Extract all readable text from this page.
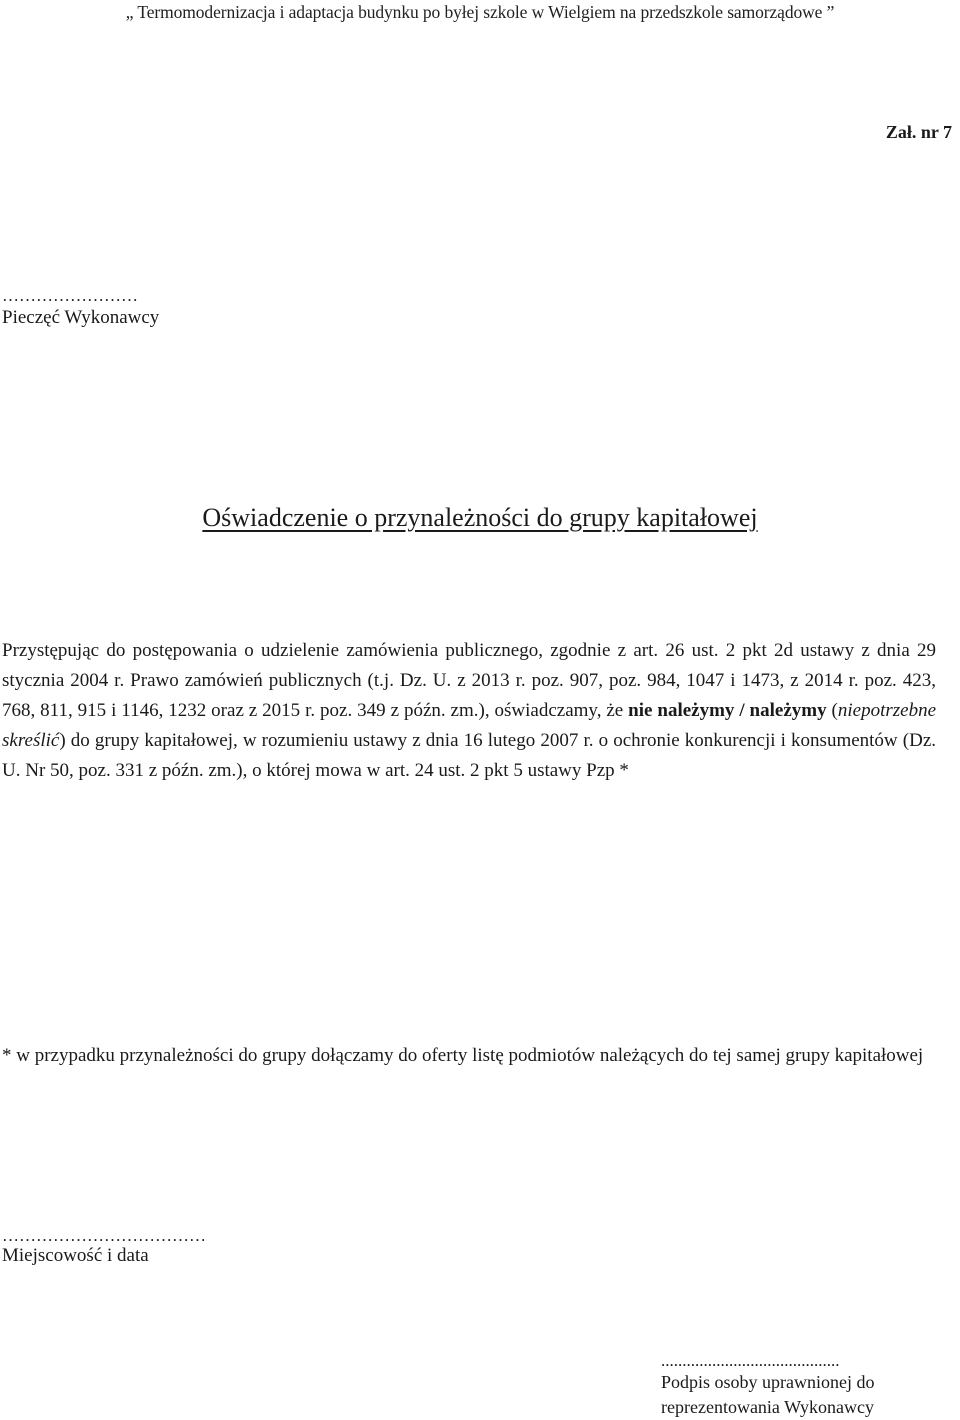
„ Termomodernizacja i adaptacja budynku po byłej szkole w Wielgiem na przedszkole samorządowe ”
Zał. nr 7
……………………
Pieczęć Wykonawcy
Oświadczenie o przynależności do grupy kapitałowej
Przystępując do postępowania o udzielenie zamówienia publicznego, zgodnie z art. 26 ust. 2 pkt 2d ustawy z dnia 29 stycznia 2004 r. Prawo zamówień publicznych (t.j. Dz. U. z 2013 r. poz. 907, poz. 984, 1047 i 1473, z 2014 r. poz. 423, 768, 811, 915 i 1146, 1232 oraz z 2015 r. poz. 349 z późn. zm.), oświadczamy, że nie należymy / należymy (niepotrzebne skreślić) do grupy kapitałowej, w rozumieniu ustawy z dnia 16 lutego 2007 r. o ochronie konkurencji i konsumentów (Dz. U. Nr 50, poz. 331 z późn. zm.), o której mowa w art. 24 ust. 2 pkt 5 ustawy Pzp *
* w przypadku przynależności do grupy dołączamy do oferty listę podmiotów należących do tej samej grupy kapitałowej
………………………………
Miejscowość i data
..........................................
Podpis osoby uprawnionej do
reprezentowania Wykonawcy
